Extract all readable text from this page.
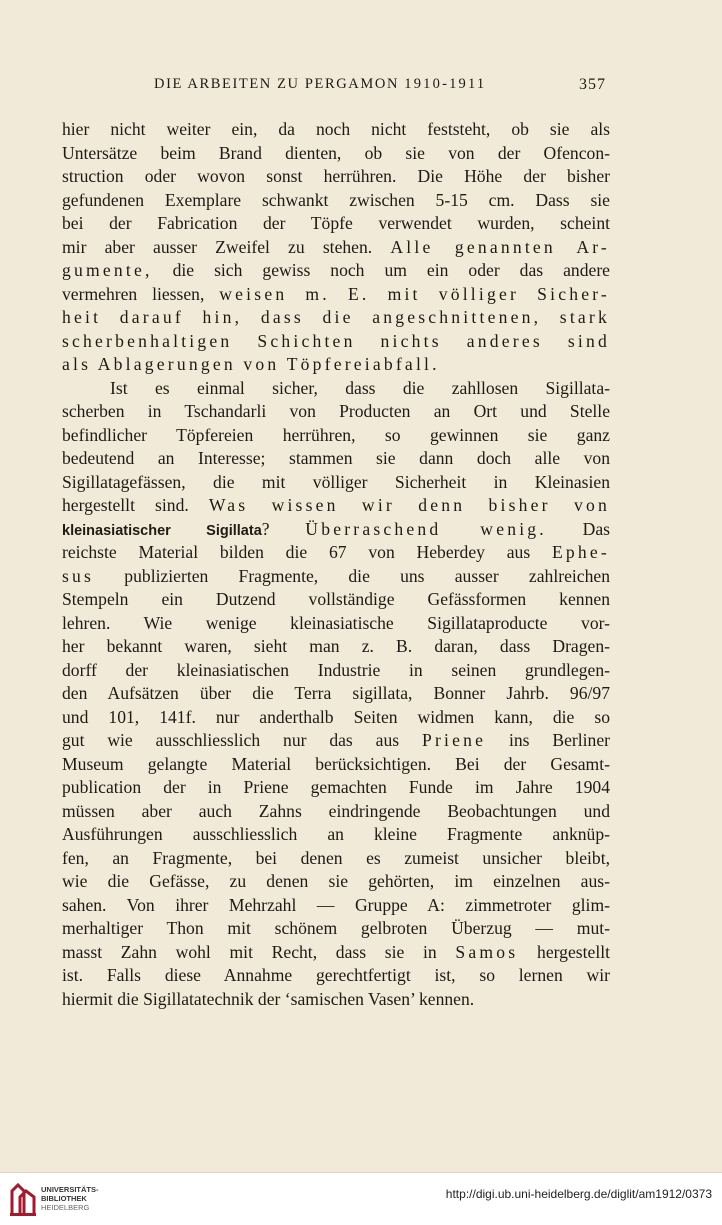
DIE ARBEITEN ZU PERGAMON 1910-1911	357
hier nicht weiter ein, da noch nicht feststeht, ob sie als
Untersätze beim Brand dienten, ob sie von der Ofencon-
struction oder wovon sonst herrühren. Die Höhe der bisher
gefundenen Exemplare schwankt zwischen 5-15 cm. Dass sie
bei der Fabrication der Töpfe verwendet wurden, scheint
mir aber ausser Zweifel zu stehen. Alle genannten Ar-
gumente, die sich gewiss noch um ein oder das andere
vermehren liessen, weisen m. E. mit völliger Sicher-
heit darauf hin, dass die angeschnittenen, stark
scherbenhaltigen Schichten nichts anderes sind
als Ablagerungen von Töpfereiabfall.
Ist es einmal sicher, dass die zahllosen Sigillata-
scherben in Tschandarli von Producten an Ort und Stelle
befindlicher Töpfereien herrühren, so gewinnen sie ganz
bedeutend an Interesse; stammen sie dann doch alle von
Sigillatagefässen, die mit völliger Sicherheit in Kleinasien
hergestellt sind. Was wissen wir denn bisher von
kleinasiatischer Sigillata? Überraschend wenig. Das
reichste Material bilden die 67 von Heberdey aus Ephe-
sus publizierten Fragmente, die uns ausser zahlreichen
Stempeln ein Dutzend vollständige Gefässformen kennen
lehren. Wie wenige kleinasiatische Sigillataproducte vor-
her bekannt waren, sieht man z. B. daran, dass Dragen-
dorff der kleinasiatischen Industrie in seinen grundlegen-
den Aufsätzen über die Terra sigillata, Bonner Jahrb. 96/97
und 101, 141f. nur anderthalb Seiten widmen kann, die so
gut wie ausschliesslich nur das aus Priene ins Berliner
Museum gelangte Material berücksichtigen. Bei der Gesamt-
publication der in Priene gemachten Funde im Jahre 1904
müssen aber auch Zahns eindringende Beobachtungen und
Ausführungen ausschliesslich an kleine Fragmente anknüp-
fen, an Fragmente, bei denen es zumeist unsicher bleibt,
wie die Gefässe, zu denen sie gehörten, im einzelnen aus-
sahen. Von ihrer Mehrzahl — Gruppe A: zimmetroter glim-
merhaltiger Thon mit schönem gelbroten Überzug — mut-
masst Zahn wohl mit Recht, dass sie in Samos hergestellt
ist. Falls diese Annahme gerechtfertigt ist, so lernen wir
hiermit die Sigillatatechnik der ‘samischen Vasen’ kennen.
UNIVERSITÄTS-
BIBLIOTHEK
HEIDELBERG
http://digi.ub.uni-heidelberg.de/diglit/am1912/0373
